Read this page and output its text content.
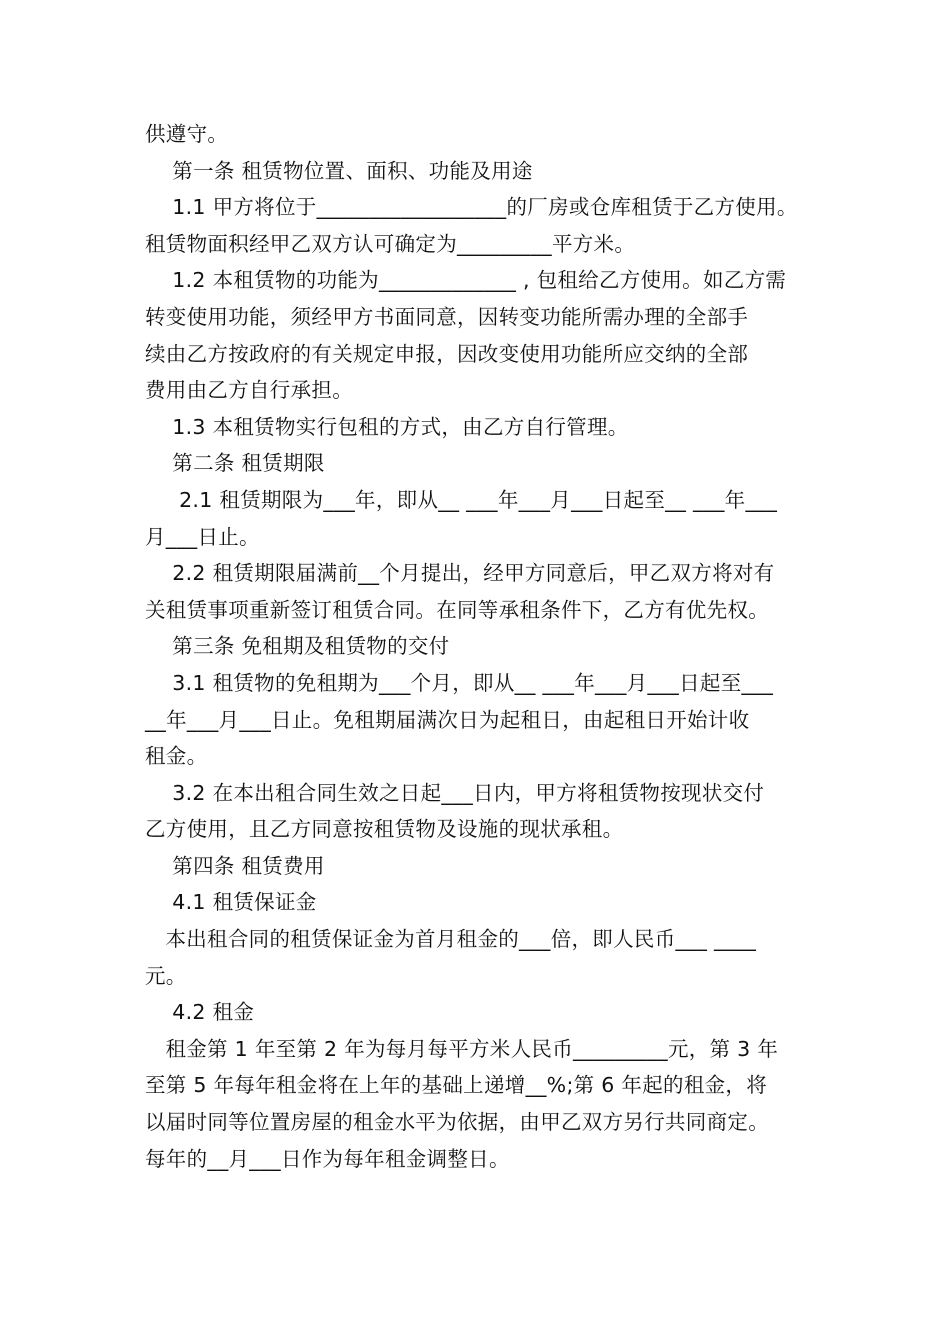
供遵守。

第一条 租赁物位置、面积、功能及用途

1.1 甲方将位于__________________的厂房或仓库租赁于乙方使用。

租赁物面积经甲乙双方认可确定为_________平方米。

1.2 本租赁物的功能为_____________ , 包租给乙方使用。如乙方需

转变使用功能，须经甲方书面同意，因转变功能所需办理的全部手

续由乙方按政府的有关规定申报，因改变使用功能所应交纳的全部

费用由乙方自行承担。

1.3 本租赁物实行包租的方式，由乙方自行管理。

第二条 租赁期限

2.1 租赁期限为___年，即从__ ___年___月___日起至__ ___年___

月___日止。

2.2 租赁期限届满前__个月提出，经甲方同意后，甲乙双方将对有

关租赁事项重新签订租赁合同。在同等承租条件下，乙方有优先权。

第三条 免租期及租赁物的交付

3.1 租赁物的免租期为___个月，即从__ ___年___月___日起至___

__年___月___日止。免租期届满次日为起租日，由起租日开始计收

租金。

3.2 在本出租合同生效之日起___日内，甲方将租赁物按现状交付

乙方使用，且乙方同意按租赁物及设施的现状承租。

第四条 租赁费用

4.1 租赁保证金

本出租合同的租赁保证金为首月租金的___倍，即人民币___ ____

元。

4.2 租金

租金第 1 年至第 2 年为每月每平方米人民币_________元，第 3 年

至第 5 年每年租金将在上年的基础上递增__%;第 6 年起的租金，将

以届时同等位置房屋的租金水平为依据，由甲乙双方另行共同商定。

每年的__月___日作为每年租金调整日。
